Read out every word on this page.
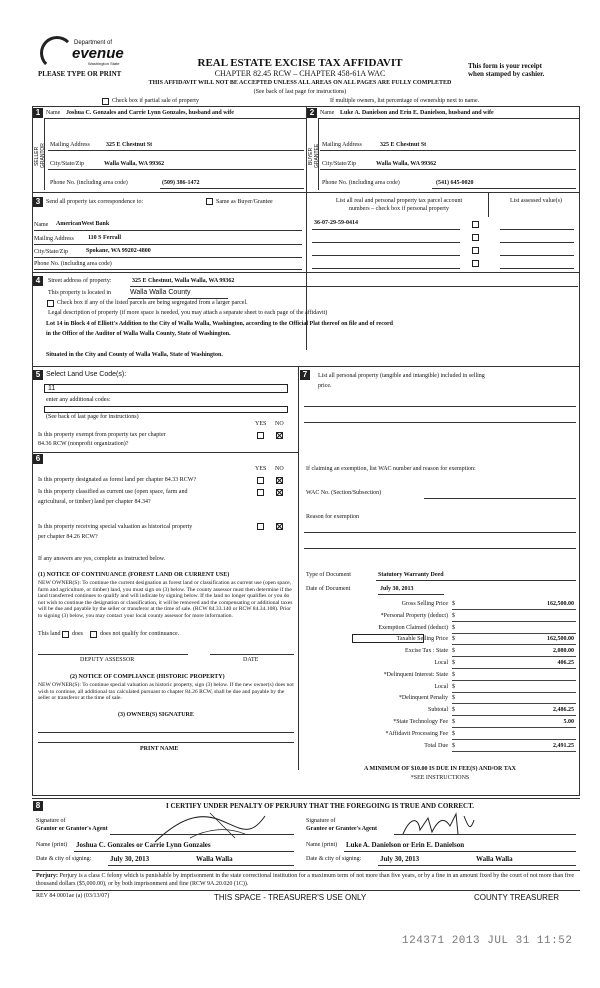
Department of
evenue
Washington State	REAL ESTATE EXCISE TAX AFFIDAVIT
CHAPTER 82.45 RCW – CHAPTER 458-61A WAC
This form is your receipt
when stamped by cashier.
PLEASE TYPE OR PRINT
THIS AFFIDAVIT WILL NOT BE ACCEPTED UNLESS ALL AREAS ON ALL PAGES ARE FULLY COMPLETED
(See back of last page for instructions)
Check box if partial sale of property	If multiple owners, list percentage of ownership next to name.
1 Name Joshua C. Gonzales and Carrie Lynn Gonzales, husband and wife
SELLER GRANTOR Mailing Address	325 E Chestnut St
City/State/Zip	Walla Walla, WA 99362
Phone No. (including area code)	(509) 386-1472
2 Name Luke A. Danielson and Erin E. Danielson, husband and wife
BUYER GRANTEE Mailing Address	325 E Chestnut St
City/State/Zip	Walla Walla, WA 99362
Phone No. (including area code)	(541) 645-0020
3 Send all property tax correspondence to:	Same as Buyer/Grantee
Name AmericanWest Bank
Mailing Address 110 S Ferrall
City/State/Zip	Spokane, WA 99202-4800
Phone No. (including area code)
List all real and personal property tax parcel account
numbers – check box if personal property
List assessed value(s)
36-07-29-59-0414
4	Street address of property:	325 E Chestnut, Walla Walla, WA 99362
This property is located in	Walla Walla County
Check box if any of the listed parcels are being segregated from a larger parcel.
Legal description of property (if more space is needed, you may attach a separate sheet to each page of the affidavit)
Lot 14 in Block 4 of Elliott's Addition to the City of Walla Walla, Washington, according to the Official Plat thereof on file and of record
in the Office of the Auditor of Walla Walla County, State of Washington.
Situated in the City and County of Walla Walla, State of Washington.
5 Select Land Use Code(s):
11
enter any additional codes:
(See back of last page for instructions)
YES NO
Is this property exempt from property tax per chapter
84.36 RCW (nonprofit organization)?
6
YES NO
Is this property designated as forest land per chapter 84.33 RCW?
Is this property classified as current use (open space, farm and
agricultural, or timber) land per chapter 84.34?
Is this property receiving special valuation as historical property
per chapter 84.26 RCW?
If any answers are yes, complete as instructed below.
(1) NOTICE OF CONTINUANCE (FOREST LAND OR CURRENT USE)
NEW OWNER(S): To continue the current designation as forest land or classification as current use (open space, farm and agriculture, or timber) land, you must sign on (3) below. The county assessor must then determine if the land transferred continues to qualify and will indicate by signing below. If the land no longer qualifies or you do not wish to continue the designation or classification, it will be removed and the compensating or additional taxes will be due and payable by the seller or transferor at the time of sale. (RCW 84.33.140 or RCW 84.34.108). Prior to signing (3) below, you may contact your local county assessor for more information.
This land does	does not qualify for continuance.
DEPUTY ASSESSOR	DATE
(2) NOTICE OF COMPLIANCE (HISTORIC PROPERTY)
NEW OWNER(S): To continue special valuation as historic property, sign (3) below. If the new owner(s) does not wish to continue, all additional tax calculated pursuant to chapter 84.26 RCW, shall be due and payable by the seller or transferor at the time of sale.
(3) OWNER(S) SIGNATURE
PRINT NAME
7	List all personal property (tangible and intangible) included in selling
price.
If claiming an exemption, list WAC number and reason for exemption:
WAC No. (Section/Subsection)
Reason for exemption
Type of Document	Statutory Warranty Deed
Date of Document	July 30, 2013
Gross Selling Price $	162,500.00
*Personal Property (deduct) $
Exemption Claimed (deduct) $
Taxable Selling Price $	162,500.00
Excise Tax : State $	2,080.00
Local $	406.25
*Delinquent Interest: State $
Local $
*Delinquent Penalty $
Subtotal $	2,486.25
*State Technology Fee $	5.00
*Affidavit Processing Fee $
Total Due $	2,491.25
A MINIMUM OF $10.00 IS DUE IN FEE(S) AND/OR TAX
*SEE INSTRUCTIONS
8	I CERTIFY UNDER PENALTY OF PERJURY THAT THE FOREGOING IS TRUE AND CORRECT.
Signature of
Grantor or Grantor's Agent
Name (print) Joshua C. Gonzales or Carrie Lynn Gonzales
Date & city of signing:	July 30, 2013	Walla Walla
Signature of
Grantee or Grantee's Agent
Name (print) Luke A. Danielson or Erin E. Danielson
Date & city of signing:	July 30, 2013	Walla Walla
Perjury: Perjury is a class C felony which is punishable by imprisonment in the state correctional institution for a maximum term of not more than five years, or by a fine in an amount fixed by the court of not more than five thousand dollars ($5,000.00), or by both imprisonment and fine (RCW 9A.20.020 (1C)).
REV 84 0001ae (a) (03/13/07)	THIS SPACE - TREASURER'S USE ONLY	COUNTY TREASURER
124371 2013 JUL 31 11:52
